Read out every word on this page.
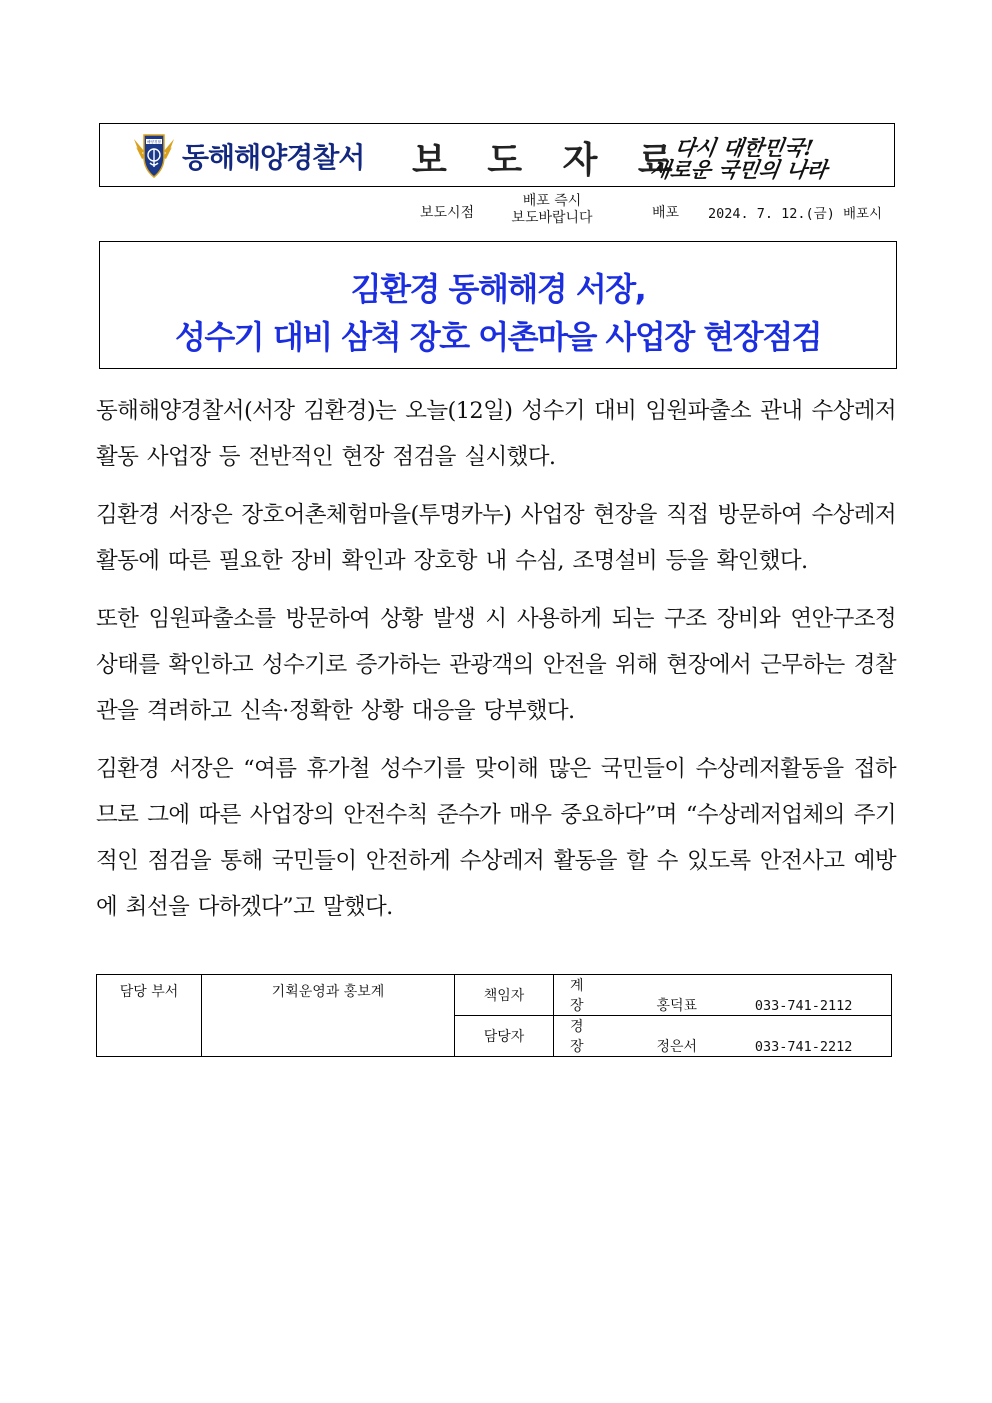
해양경찰 동해해양경찰서 보 도 자 료
다시 대한민국!
새로운 국민의 나라
보도시점
배포 즉시
보도바랍니다	배포 2024. 7. 12.(금) 배포시
김환경 동해해경 서장,
성수기 대비 삼척 장호 어촌마을 사업장 현장점검

동해해양경찰서(서장 김환경)는 오늘(12일) 성수기 대비 임원파출소 관내 수상레저활동 사업장 등 전반적인 현장 점검을 실시했다.

김환경 서장은 장호어촌체험마을(투명카누) 사업장 현장을 직접 방문하여 수상레저활동에 따른 필요한 장비 확인과 장호항 내 수심, 조명설비 등을 확인했다.

또한 임원파출소를 방문하여 상황 발생 시 사용하게 되는 구조 장비와 연안구조정 상태를 확인하고 성수기로 증가하는 관광객의 안전을 위해 현장에서 근무하는 경찰관을 격려하고 신속·정확한 상황 대응을 당부했다.

김환경 서장은 “여름 휴가철 성수기를 맞이해 많은 국민들이 수상레저활동을 접하므로 그에 따른 사업장의 안전수칙 준수가 매우 중요하다”며 “수상레저업체의 주기적인 점검을 통해 국민들이 안전하게 수상레저 활동을 할 수 있도록 안전사고 예방에 최선을 다하겠다”고 말했다.

담당 부서	기획운영과 홍보계	책임자	계 장 홍덕표 033-741-2112
		담당자	경 장 정은서 033-741-2212
